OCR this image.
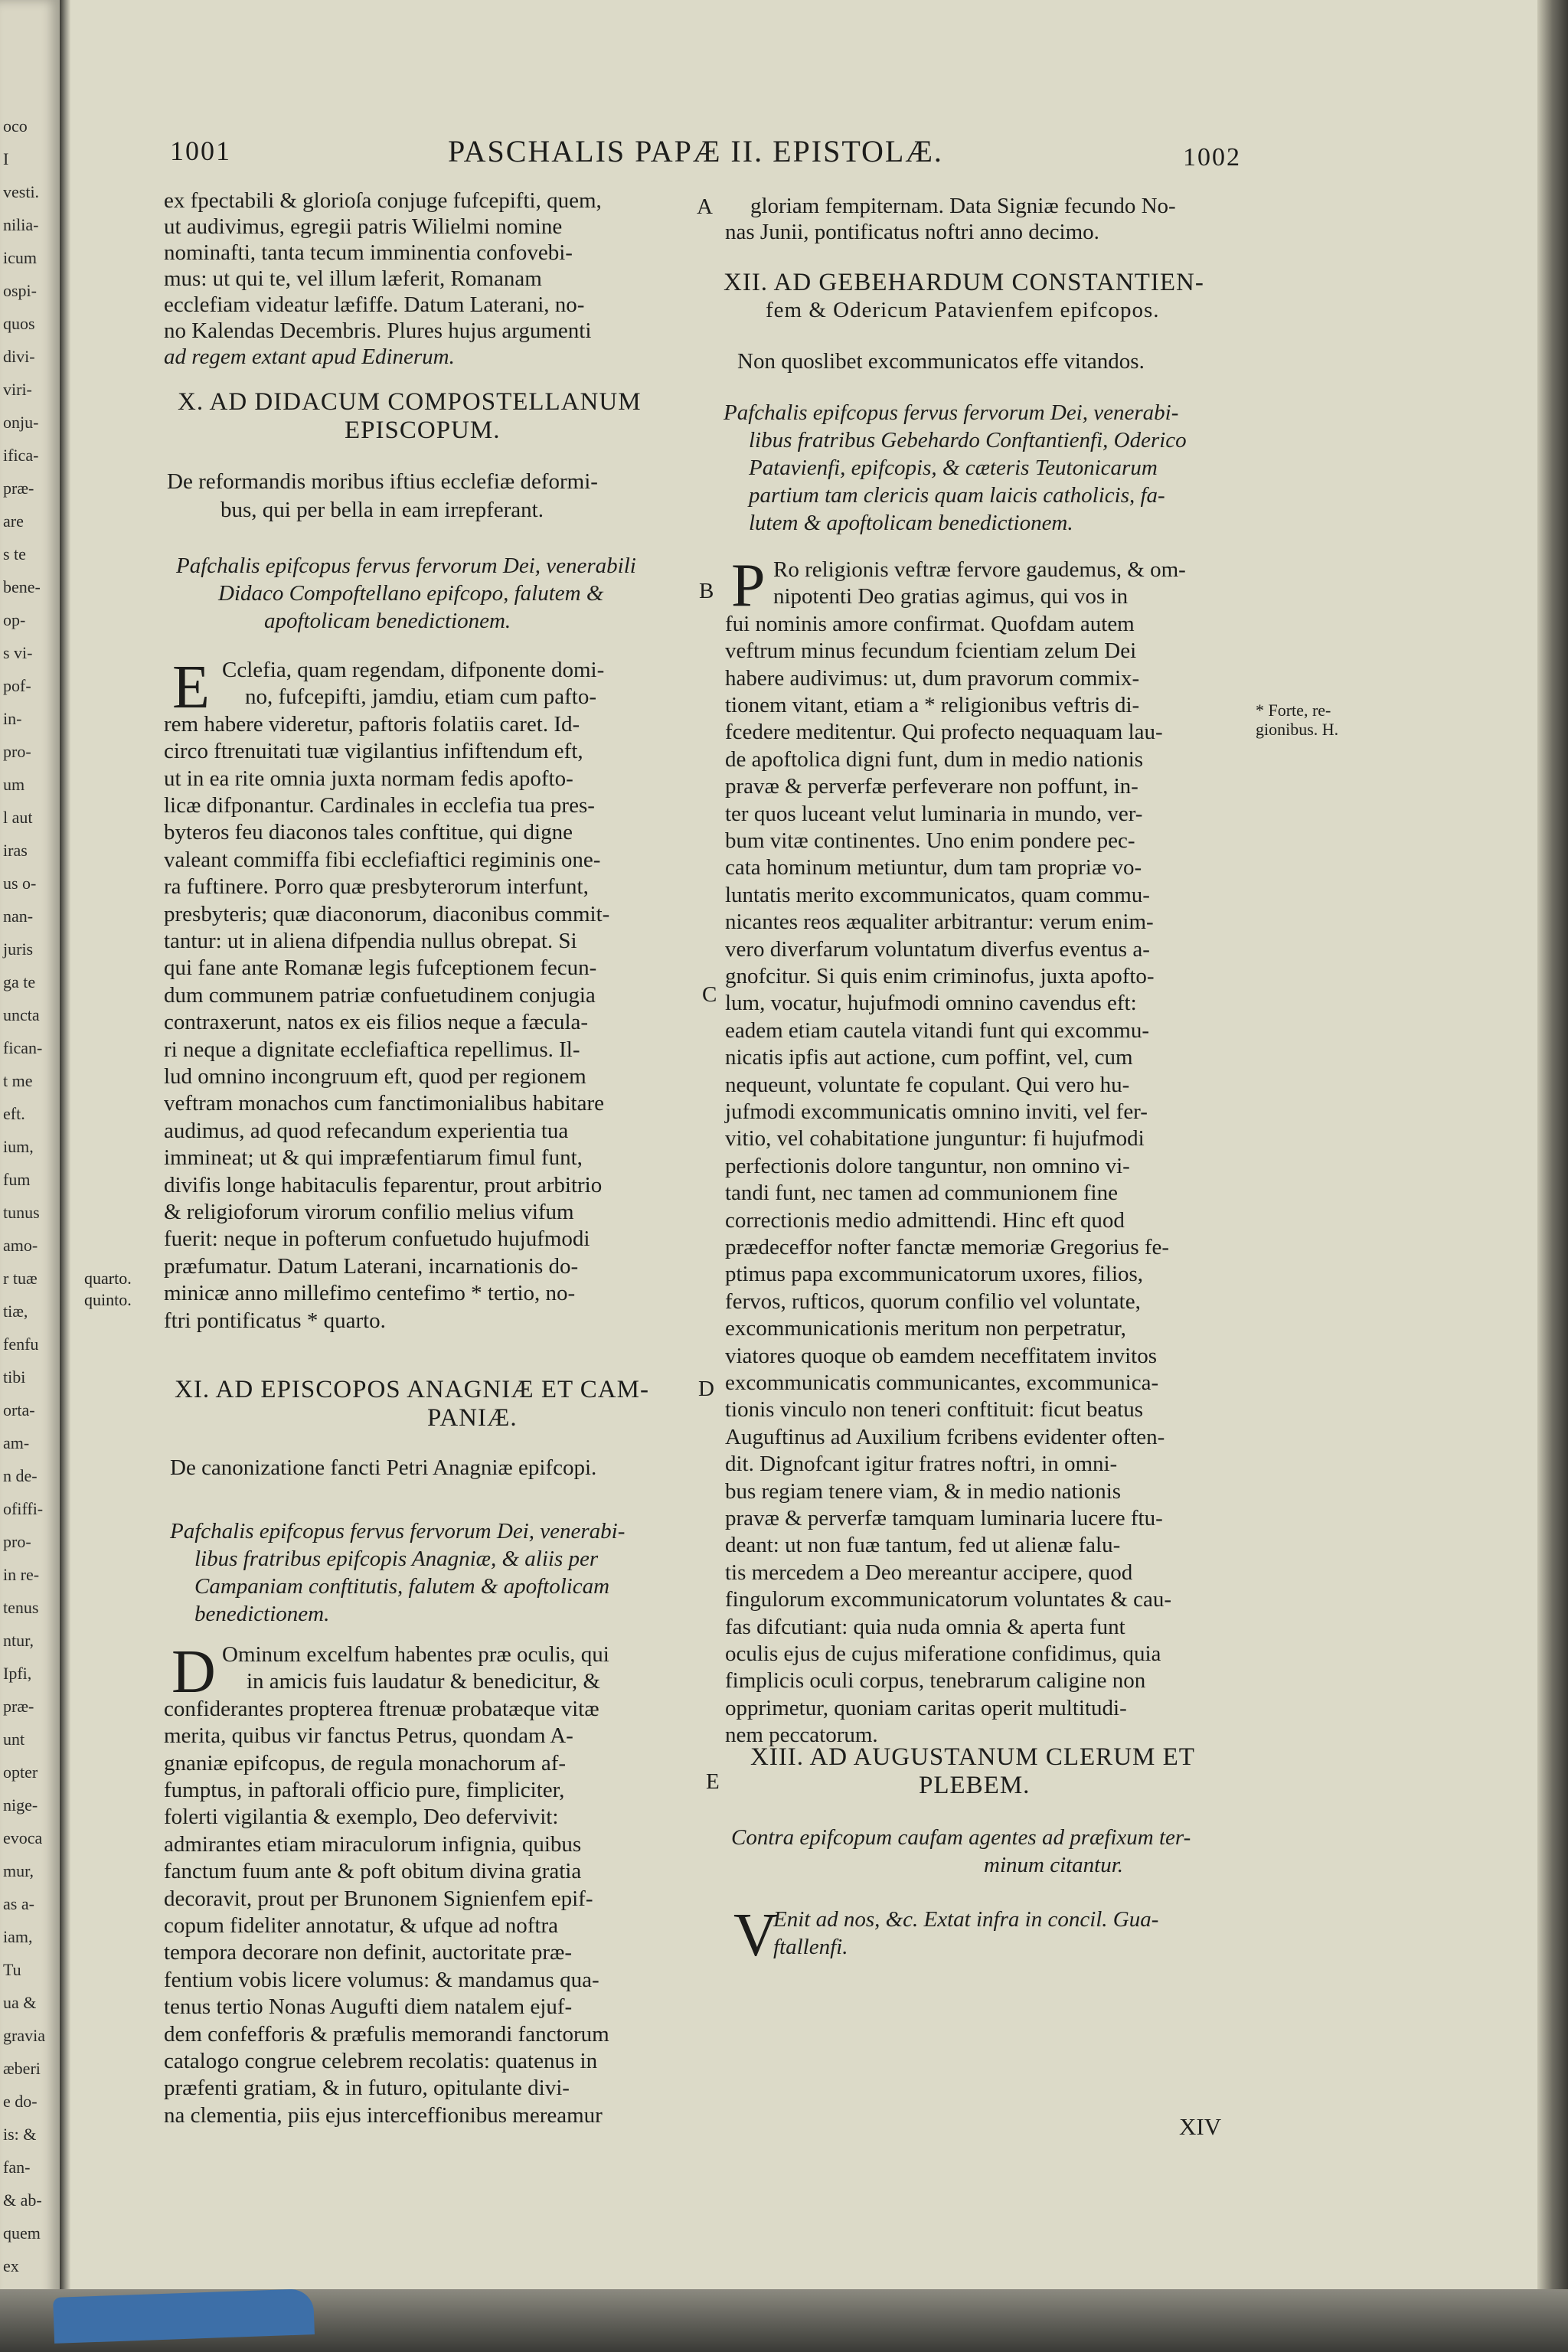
oco
I
vesti.
nilia-
icum
ospi-
quos
divi-
viri-
onju-
ifica-
præ-
are
s te
bene-
op-
s vi-
pof-
in-
pro-
um
l aut
iras
us o-
nan-
juris
ga te
uncta
fican-
t me
eft.
ium,
fum
tunus
amo-
r tuæ
tiæ,
fenfu
tibi
orta-
am-
n de-
ofiffi-
pro-
in re-
tenus
ntur,
Ipfi,
præ-
unt
opter
nige-
evoca
mur,
as a-
iam,
Tu
ua &
gravia
æberi
e do-
is: &
fan-
& ab-
quem
ex
1001	PASCHALIS PAPÆ II. EPISTOLÆ.	1002
ex fpectabili & glorioſa conjuge fufcepifti, quem,
ut audivimus, egregii patris Wilielmi nomine
nominafti, tanta tecum imminentia confovebi-
mus: ut qui te, vel illum læferit, Romanam
ecclefiam videatur læfiffe. Datum Laterani, no-
no Kalendas Decembris. Plures hujus argumenti
ad regem extant apud Edinerum.
De reformandis moribus iftius ecclefiæ deformi-
bus, qui per bella in eam irrepferant.
Pafchalis epifcopus fervus fervorum Dei, venerabili
Didaco Compoftellano epifcopo, falutem &
apoftolicam benedictionem.
E Cclefia, quam regendam, difponente domi-
no, fufcepifti, jamdiu, etiam cum pafto-
rem habere videretur, paftoris folatiis caret. Id-
circo ftrenuitati tuæ vigilantius infiftendum eft,
ut in ea rite omnia juxta normam fedis apofto-
licæ difponantur. Cardinales in ecclefia tua pres-
byteros feu diaconos tales conftitue, qui digne
valeant commiffa fibi ecclefiaftici regiminis one-
ra fuftinere. Porro quæ presbyterorum interfunt,
presbyteris; quæ diaconorum, diaconibus commit-
tantur: ut in aliena difpendia nullus obrepat. Si
qui fane ante Romanæ legis fufceptionem fecun-
dum communem patriæ confuetudinem conjugia
contraxerunt, natos ex eis filios neque a fæcula-
ri neque a dignitate ecclefiaftica repellimus. Il-
lud omnino incongruum eft, quod per regionem
veftram monachos cum fanctimonialibus habitare
audimus, ad quod refecandum experientia tua
immineat; ut & qui impræfentiarum fimul funt,
divifis longe habitaculis feparentur, prout arbitrio
& religioforum virorum confilio melius vifum
fuerit: neque in pofterum confuetudo hujufmodi
præfumatur. Datum Laterani, incarnationis do-
minicæ anno millefimo centefimo * tertio, no-
ftri pontificatus * quarto.
XI. AD EPISCOPOS ANAGNIÆ ET CAM-
PANIÆ.
De canonizatione fancti Petri Anagniæ epifcopi.
Pafchalis epifcopus fervus fervorum Dei, venerabi-
libus fratribus epifcopis Anagniæ, & aliis per
Campaniam conftitutis, falutem & apoftolicam
benedictionem.
D Ominum excelfum habentes præ oculis, qui
in amicis fuis laudatur & benedicitur, &
confiderantes propterea ftrenuæ probatæque vitæ
merita, quibus vir fanctus Petrus, quondam A-
gnaniæ epifcopus, de regula monachorum af-
fumptus, in paftorali officio pure, fimpliciter,
folerti vigilantia & exemplo, Deo defervivit:
admirantes etiam miraculorum infignia, quibus
fanctum fuum ante & poft obitum divina gratia
decoravit, prout per Brunonem Signienfem epif-
copum fideliter annotatur, & ufque ad noftra
tempora decorare non definit, auctoritate præ-
fentium vobis licere volumus: & mandamus qua-
tenus tertio Nonas Augufti diem natalem ejuf-
dem confefforis & præfulis memorandi fanctorum
catalogo congrue celebrem recolatis: quatenus in
præfenti gratiam, & in futuro, opitulante divi-
na clementia, piis ejus interceffionibus mereamur
gloriam fempiternam. Data Signiæ fecundo No-
nas Junii, pontificatus noftri anno decimo.
XII. AD GEBEHARDUM CONSTANTIEN-
fem & Odericum Patavienfem epifcopos.
Non quoslibet excommunicatos effe vitandos.
Pafchalis epifcopus fervus fervorum Dei, venerabi-
libus fratribus Gebehardo Conftantienfi, Oderico
Patavienfi, epifcopis, & cæteris Teutonicarum
partium tam clericis quam laicis catholicis, fa-
lutem & apoftolicam benedictionem.
P Ro religionis veftræ fervore gaudemus, & om-
nipotenti Deo gratias agimus, qui vos in
fui nominis amore confirmat. Quofdam autem
veftrum minus fecundum fcientiam zelum Dei
habere audivimus: ut, dum pravorum commix-
tionem vitant, etiam a * religionibus veftris di-
fcedere meditentur. Qui profecto nequaquam lau-
de apoftolica digni funt, dum in medio nationis
pravæ & perverfæ perfeverare non poffunt, in-
ter quos luceant velut luminaria in mundo, ver-
bum vitæ continentes. Uno enim pondere pec-
cata hominum metiuntur, dum tam propriæ vo-
luntatis merito excommunicatos, quam commu-
nicantes reos æqualiter arbitrantur: verum enim-
vero diverfarum voluntatum diverfus eventus a-
gnofcitur. Si quis enim criminofus, juxta apofto-
lum, vocatur, hujufmodi omnino cavendus eft:
eadem etiam cautela vitandi funt qui excommu-
nicatis ipfis aut actione, cum poffint, vel, cum
nequeunt, voluntate fe copulant. Qui vero hu-
jufmodi excommunicatis omnino inviti, vel fer-
vitio, vel cohabitatione junguntur: fi hujufmodi
perfectionis dolore tanguntur, non omnino vi-
tandi funt, nec tamen ad communionem fine
correctionis medio admittendi. Hinc eft quod
prædeceffor nofter fanctæ memoriæ Gregorius fe-
ptimus papa excommunicatorum uxores, filios,
fervos, rufticos, quorum confilio vel voluntate,
excommunicationis meritum non perpetratur,
viatores quoque ob eamdem neceffitatem invitos
excommunicatis communicantes, excommunica-
tionis vinculo non teneri conftituit: ficut beatus
Auguftinus ad Auxilium fcribens evidenter often-
dit. Dignofcant igitur fratres noftri, in omni-
bus regiam tenere viam, & in medio nationis
pravæ & perverfæ tamquam luminaria lucere ftu-
deant: ut non fuæ tantum, fed ut alienæ falu-
tis mercedem a Deo mereantur accipere, quod
fingulorum excommunicatorum voluntates & cau-
fas difcutiant: quia nuda omnia & aperta funt
oculis ejus de cujus miferatione confidimus, quia
fimplicis oculi corpus, tenebrarum caligine non
opprimetur, quoniam caritas operit multitudi-
nem peccatorum.
XIII. AD AUGUSTANUM CLERUM ET
PLEBEM.
Contra epifcopum caufam agentes ad præfixum ter-
minum citantur.
V
Enit ad nos, &c. Extat infra in concil. Gua-
ftallenfi.
A
B
C
D
E
quarto.
quinto.
* Forte, re-
gionibus. H.
XIV
